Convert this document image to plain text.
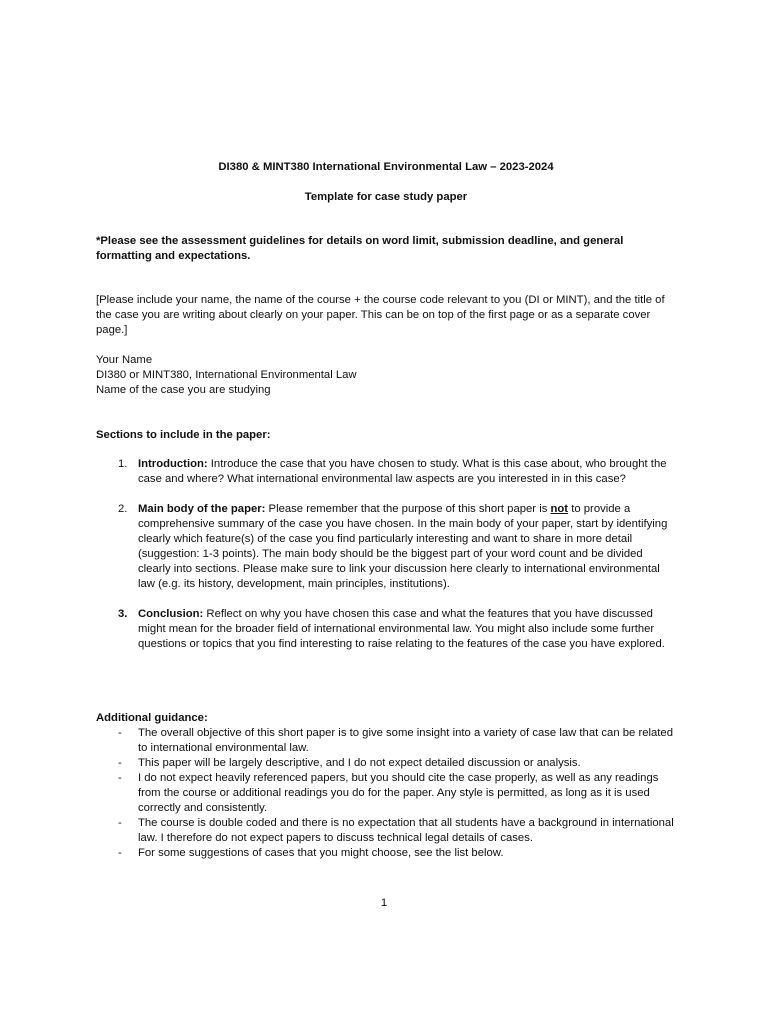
DI380 & MINT380 International Environmental Law – 2023-2024
Template for case study paper
*Please see the assessment guidelines for details on word limit, submission deadline, and general formatting and expectations.
[Please include your name, the name of the course + the course code relevant to you (DI or MINT), and the title of the case you are writing about clearly on your paper. This can be on top of the first page or as a separate cover page.]
Your Name
DI380 or MINT380, International Environmental Law
Name of the case you are studying
Sections to include in the paper:
1. Introduction: Introduce the case that you have chosen to study. What is this case about, who brought the case and where? What international environmental law aspects are you interested in in this case?
2. Main body of the paper: Please remember that the purpose of this short paper is not to provide a comprehensive summary of the case you have chosen. In the main body of your paper, start by identifying clearly which feature(s) of the case you find particularly interesting and want to share in more detail (suggestion: 1-3 points). The main body should be the biggest part of your word count and be divided clearly into sections. Please make sure to link your discussion here clearly to international environmental law (e.g. its history, development, main principles, institutions).
3. Conclusion: Reflect on why you have chosen this case and what the features that you have discussed might mean for the broader field of international environmental law. You might also include some further questions or topics that you find interesting to raise relating to the features of the case you have explored.
Additional guidance:
- The overall objective of this short paper is to give some insight into a variety of case law that can be related to international environmental law.
- This paper will be largely descriptive, and I do not expect detailed discussion or analysis.
- I do not expect heavily referenced papers, but you should cite the case properly, as well as any readings from the course or additional readings you do for the paper. Any style is permitted, as long as it is used correctly and consistently.
- The course is double coded and there is no expectation that all students have a background in international law. I therefore do not expect papers to discuss technical legal details of cases.
- For some suggestions of cases that you might choose, see the list below.
1
